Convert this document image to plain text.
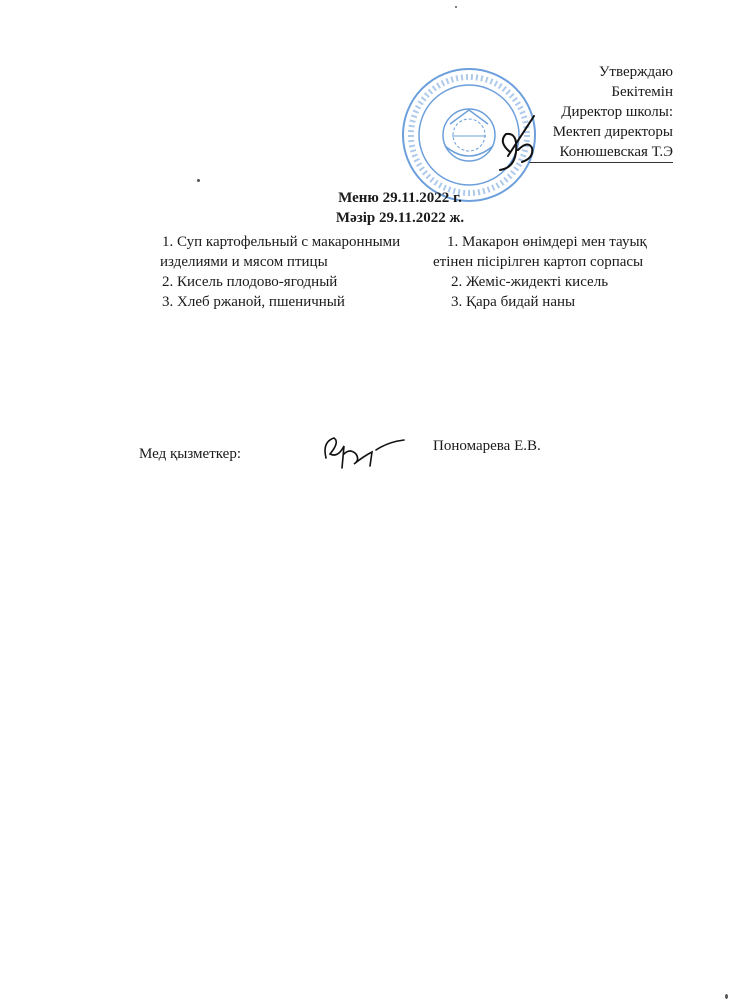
Утверждаю
Бекітемін
Директор школы:
Мектеп директоры
Конюшевская Т.Э
Меню 29.11.2022 г.
Мәзір 29.11.2022 ж.
1. Суп картофельный с макаронными
изделиями и мясом птицы
2. Кисель плодово-ягодный
3. Хлеб ржаной, пшеничный
1. Макарон өнімдері мен тауық
етінен пісірілген картоп сорпасы
2. Жеміс-жидекті кисель
3. Қара бидай наны
Мед қызметкер:	Пономарева Е.В.
